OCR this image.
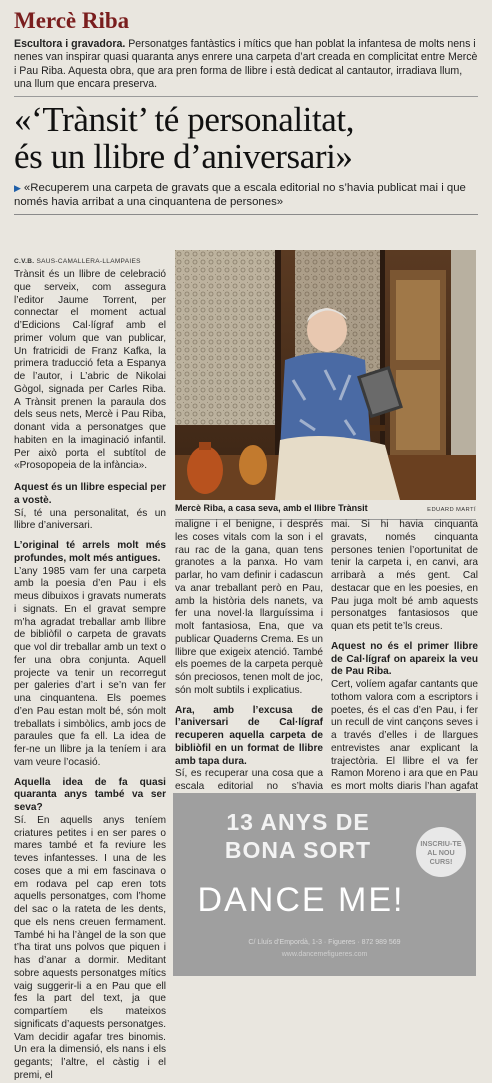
Mercè Riba
Escultora i gravadora. Personatges fantàstics i mítics que han poblat la infantesa de molts nens i nenes van inspirar quasi quaranta anys enrere una carpeta d’art creada en complicitat entre Mercè i Pau Riba. Aquesta obra, que ara pren forma de llibre i està dedicat al cantautor, irradiava llum, una llum que encara preserva.
«‘Trànsit’ té personalitat,
és un llibre d’aniversari»
▶ «Recuperem una carpeta de gravats que a escala editorial no s’havia publicat mai i que només havia arribat a una cinquantena de persones»
C.V.B. SAUS-CAMALLERA-LLAMPAIES

Trànsit és un llibre de celebració que serveix, com assegura l’editor Jaume Torrent, per connectar el moment actual d’Edicions Cal·lígraf amb el primer volum que van publicar, Un fratricidi de Franz Kafka, la primera traducció feta a Espanya de l’autor, i L’abric de Nikolai Gògol, signada per Carles Riba. A Trànsit prenen la paraula dos dels seus nets, Mercè i Pau Riba, donant vida a personatges que habiten en la imaginació infantil. Per això porta el subtítol de «Prosopopeia de la infància».

Aquest és un llibre especial per a vostè.

Sí, té una personalitat, és un llibre d’aniversari.

L’original té arrels molt més profundes, molt més antigues.

L’any 1985 vam fer una carpeta amb la poesia d’en Pau i els meus dibuixos i gravats numerats i signats. En el gravat sempre m’ha agradat treballar amb llibre de bibliòfil o carpeta de gravats que vol dir treballar amb un text o fer una obra conjunta. Aquell projecte va tenir un recorregut per galeries d’art i se’n van fer una cinquantena. Els poemes d’en Pau estan molt bé, són molt treballats i simbòlics, amb jocs de paraules que fa ell. La idea de fer-ne un llibre ja la teníem i ara vam veure l’ocasió.

Aquella idea de fa quasi quaranta anys també va ser seva?

Sí. En aquells anys teníem criatures petites i en ser pares o mares també et fa reviure les teves infantesses. I una de les coses que a mi em fascinava o em rodava pel cap eren tots aquells personatges, com l’home del sac o la rateta de les dents, que els nens creuen fermament. També hi ha l’àngel de la son que t’ha tirat uns polvos que piquen i has d’anar a dormir. Meditant sobre aquests personatges mítics vaig suggerir-li a en Pau que ell fes la part del text, ja que compartíem els mateixos significats d’aquests personatges. Vam decidir agafar tres binomis. Un era la dimensió, els nans i els gegants; l’altre, el càstig i el premi, el

Mercè Riba, a casa seva, amb el llibre Trànsit	EDUARD MARTÍ

maligne i el benigne, i després les coses vitals com la son i el rau rac de la gana, quan tens granotes a la panxa. Ho vam parlar, ho vam definir i cadascun va anar treballant però en Pau, amb la història dels nanets, va fer una novel·la llarguíssima i molt fantasiosa, Ena, que va publicar Quaderns Crema. Es un llibre que exigeix atenció. També els poemes de la carpeta perquè són preciosos, tenen molt de joc, són molt subtils i explicatius.

Ara, amb l’excusa de l’aniversari de Cal·lígraf recuperen aquella carpeta de bibliòfil en un format de llibre amb tapa dura.

Sí, es recuperar una cosa que a escala editorial no s’havia

mai. Si hi havia cinquanta gravats, només cinquanta persones tenien l’oportunitat de tenir la carpeta i, en canvi, ara arribarà a més gent. Cal destacar que en les poesies, en Pau juga molt bé amb aquests personatges fantasiosos que quan ets petit te’ls creus.

Aquest no és el primer llibre de Cal·lígraf on apareix la veu de Pau Riba.

Cert, volíem agafar cantants que tothom valora com a escriptors i poetes, és el cas d’en Pau, i fer un recull de vint cançons seves i a través d’elles i de llargues entrevistes anar explicant la trajectòria. El llibre el va fer Ramon Moreno i ara que en Pau es mort molts diaris l’han agafat

13 ANYS DE
BONA SORT
DANCE ME!
INSCRIU-TE AL NOU CURS!
C/ Lluís d’Empordà, 1-3 · Figueres · 872 989 569
www.dancemefigueres.com
